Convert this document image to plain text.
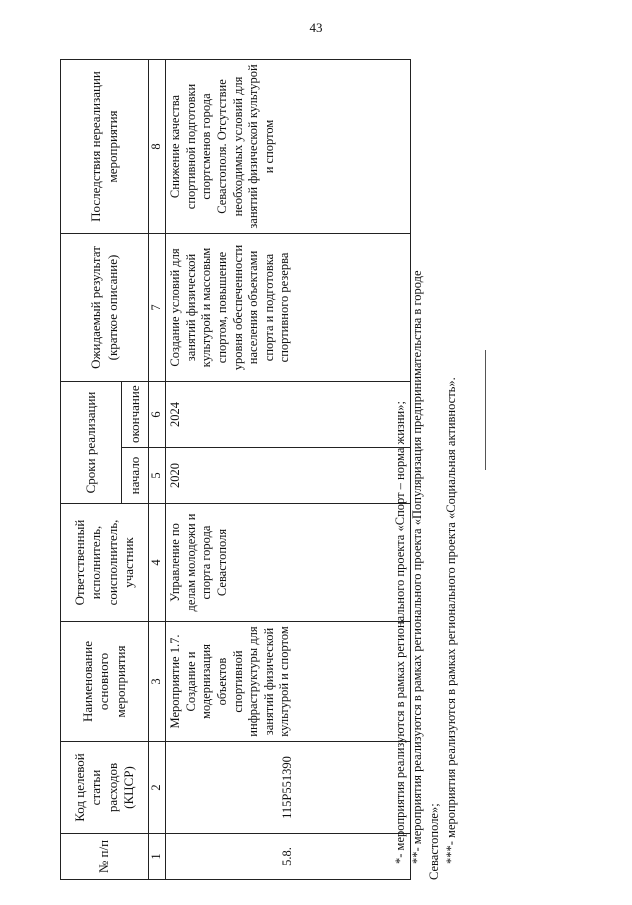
43
№ п/п	Код целевой статьи расходов (КЦСР)	Наименование основного мероприятия	Ответственный исполнитель, соисполнитель, участник	Сроки реализации		Ожидаемый результат (краткое описание)	Последствия нереализации мероприятия
				начало	окончание		
1	2	3	4	5	6	7	8
5.8.	115P551390	Мероприятие 1.7. Создание и модернизация объектов спортивной инфраструктуры для занятий физической культурой и спортом	Управление по делам молодежи и спорта города Севастополя	2020	2024	Создание условий для занятий физической культурой и массовым спортом, повышение уровня обеспеченности населения объектами спорта и подготовка спортивного резерва	Снижение качества спортивной подготовки спортсменов города Севастополя. Отсутствие необходимых условий для занятий физической культурой и спортом

*- мероприятия реализуются в рамках регионального проекта «Спорт – норма жизни»; **- мероприятия реализуются в рамках регионального проекта «Популяризация предпринимательства в городе Севастополе»; ***- мероприятия реализуются в рамках регионального проекта «Социальная активность».
